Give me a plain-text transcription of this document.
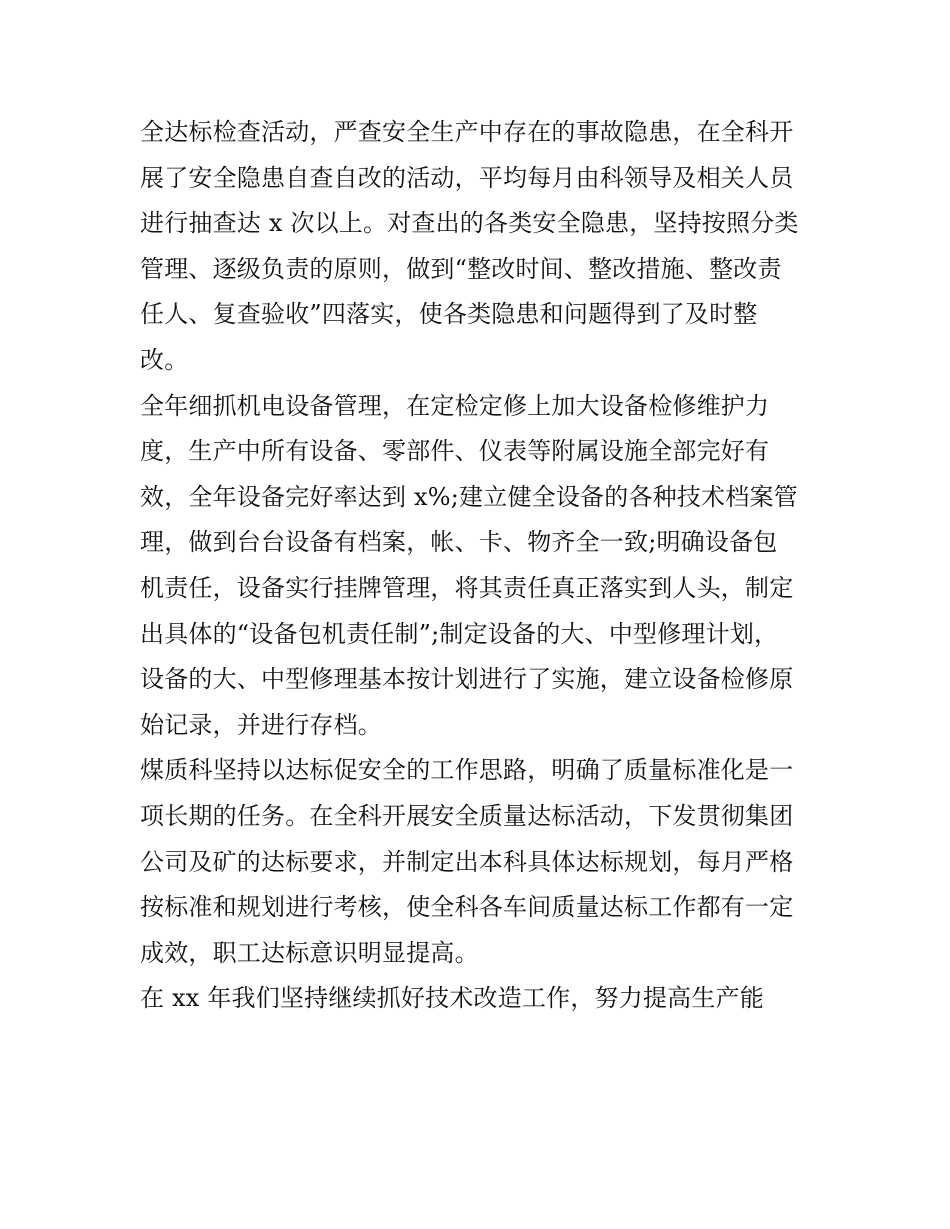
全达标检查活动，严查安全生产中存在的事故隐患，在全科开
展了安全隐患自查自改的活动，平均每月由科领导及相关人员
进行抽查达 x 次以上。对查出的各类安全隐患，坚持按照分类
管理、逐级负责的原则，做到“整改时间、整改措施、整改责
任人、复查验收”四落实，使各类隐患和问题得到了及时整
改。

全年细抓机电设备管理，在定检定修上加大设备检修维护力
度，生产中所有设备、零部件、仪表等附属设施全部完好有
效，全年设备完好率达到 x%;建立健全设备的各种技术档案管
理，做到台台设备有档案，帐、卡、物齐全一致;明确设备包
机责任，设备实行挂牌管理，将其责任真正落实到人头，制定
出具体的“设备包机责任制”;制定设备的大、中型修理计划，
设备的大、中型修理基本按计划进行了实施，建立设备检修原
始记录，并进行存档。

煤质科坚持以达标促安全的工作思路，明确了质量标准化是一
项长期的任务。在全科开展安全质量达标活动，下发贯彻集团
公司及矿的达标要求，并制定出本科具体达标规划，每月严格
按标准和规划进行考核，使全科各车间质量达标工作都有一定
成效，职工达标意识明显提高。

在 xx 年我们坚持继续抓好技术改造工作，努力提高生产能
